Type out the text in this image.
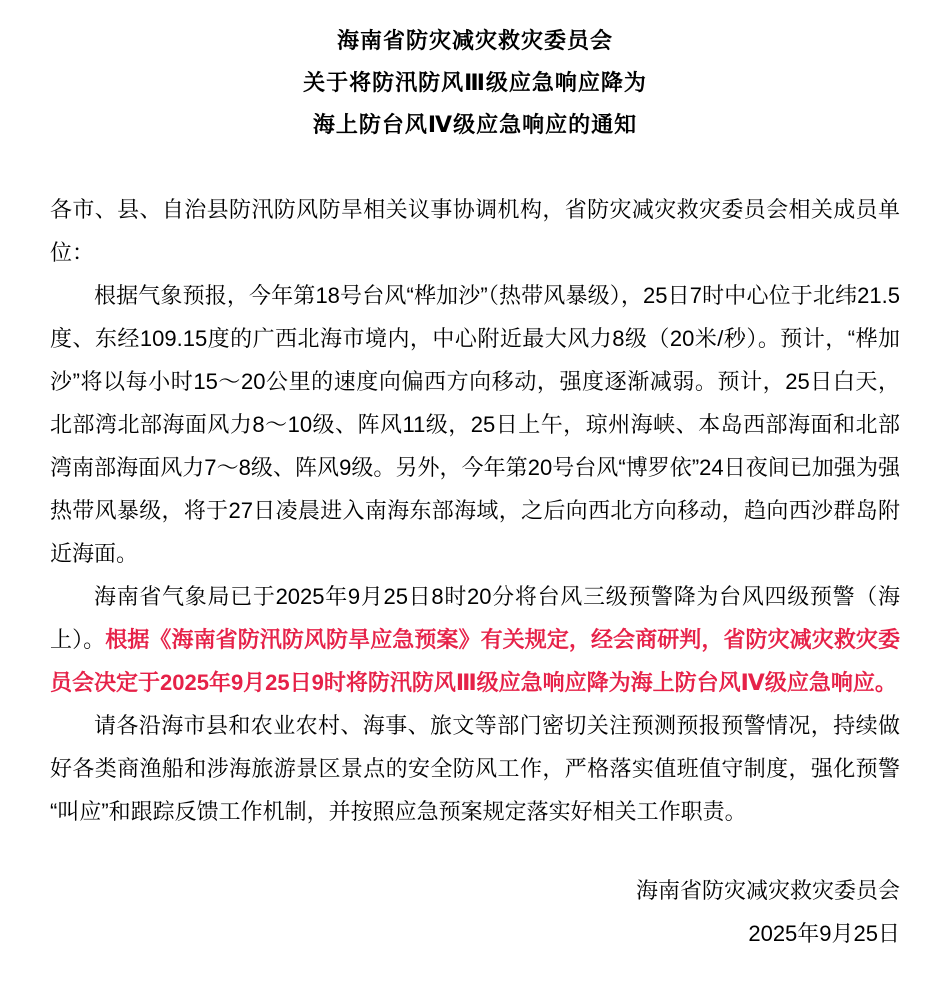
海南省防灾减灾救灾委员会
关于将防汛防风Ⅲ级应急响应降为
海上防台风Ⅳ级应急响应的通知

各市、县、自治县防汛防风防旱相关议事协调机构，省防灾减灾救灾委员会相关成员单位：

根据气象预报，今年第18号台风“桦加沙”（热带风暴级），25日7时中心位于北纬21.5度、东经109.15度的广西北海市境内，中心附近最大风力8级（20米/秒）。预计，“桦加沙”将以每小时15～20公里的速度向偏西方向移动，强度逐渐减弱。预计，25日白天，北部湾北部海面风力8～10级、阵风11级，25日上午，琼州海峡、本岛西部海面和北部湾南部海面风力7～8级、阵风9级。另外，今年第20号台风“博罗依”24日夜间已加强为强热带风暴级，将于27日凌晨进入南海东部海域，之后向西北方向移动，趋向西沙群岛附近海面。

海南省气象局已于2025年9月25日8时20分将台风三级预警降为台风四级预警（海上）。根据《海南省防汛防风防旱应急预案》有关规定，经会商研判，省防灾减灾救灾委员会决定于2025年9月25日9时将防汛防风Ⅲ级应急响应降为海上防台风Ⅳ级应急响应。

请各沿海市县和农业农村、海事、旅文等部门密切关注预测预报预警情况，持续做好各类商渔船和涉海旅游景区景点的安全防风工作，严格落实值班值守制度，强化预警“叫应”和跟踪反馈工作机制，并按照应急预案规定落实好相关工作职责。

海南省防灾减灾救灾委员会
2025年9月25日
